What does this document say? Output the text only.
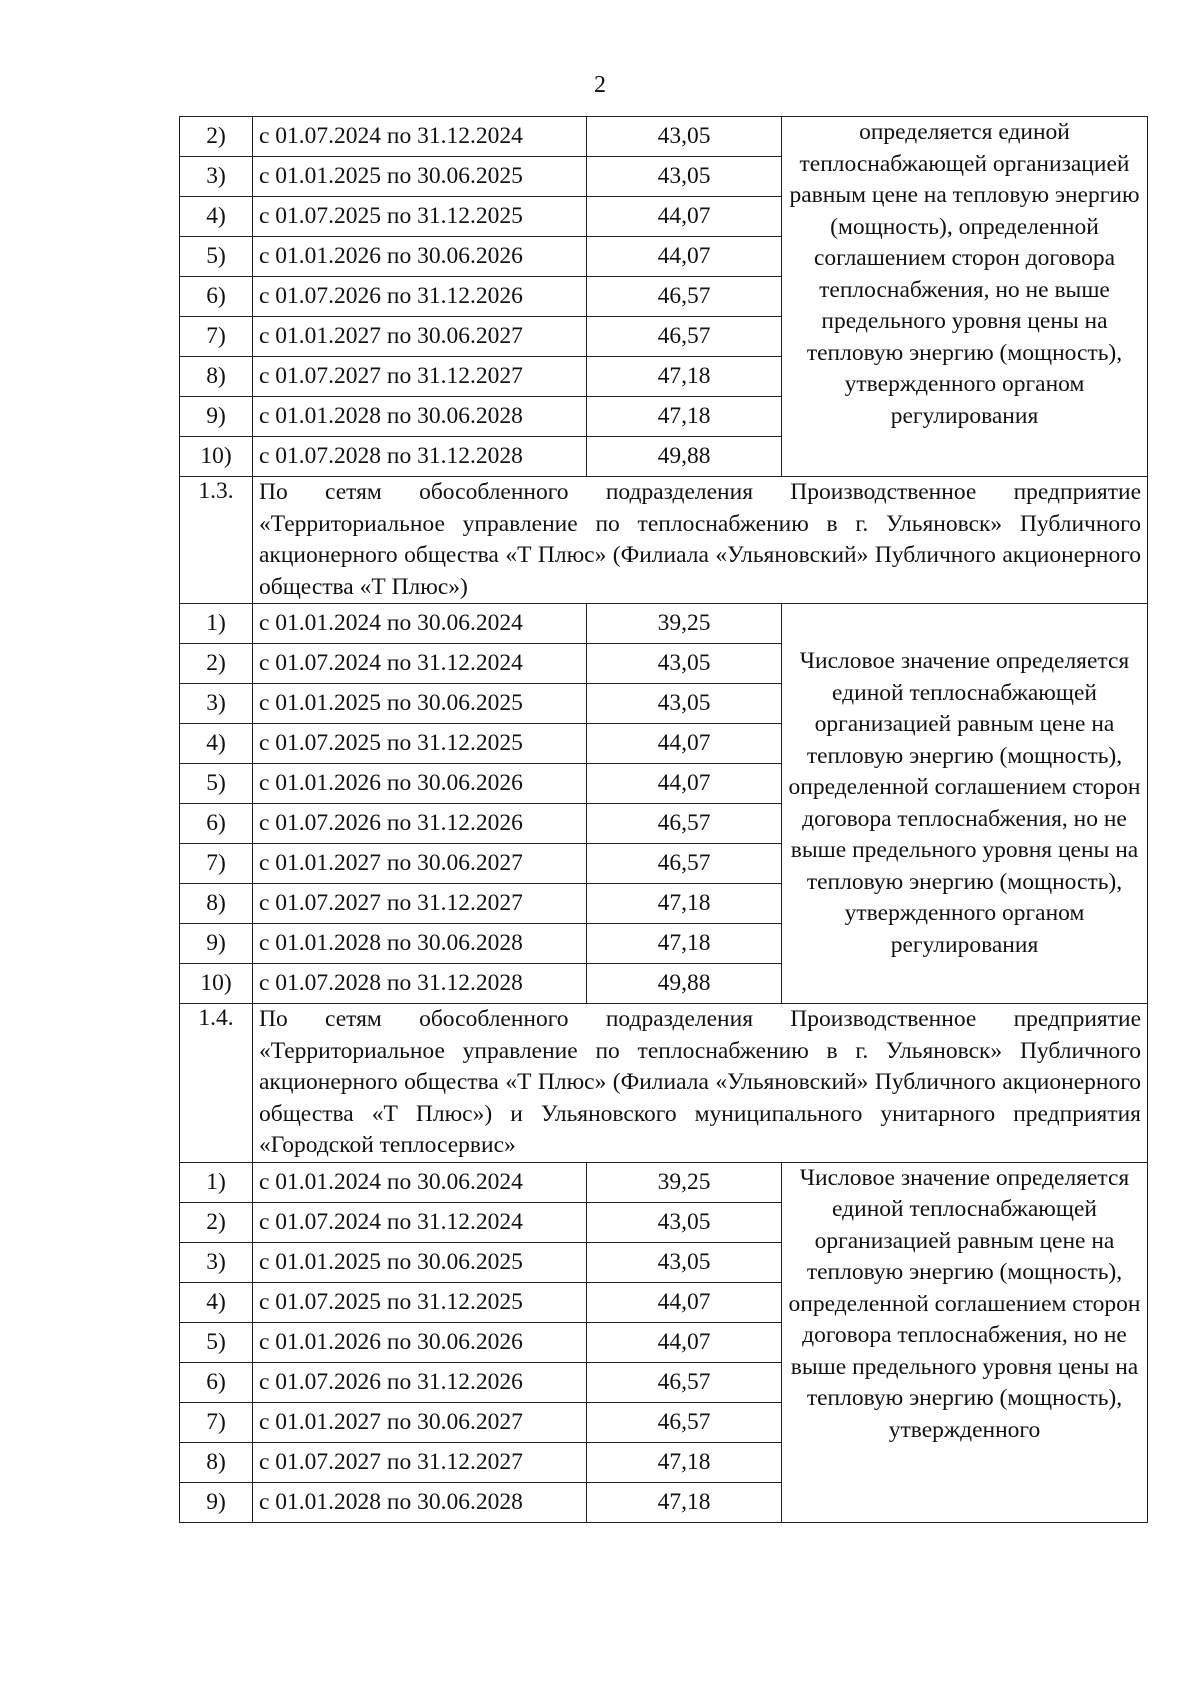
2
2)	с 01.07.2024 по 31.12.2024	43,05	определяется единой теплоснабжающей организацией равным цене на тепловую энергию (мощность), определенной соглашением сторон договора теплоснабжения, но не выше предельного уровня цены на тепловую энергию (мощность), утвержденного органом регулирования
3)	с 01.01.2025 по 30.06.2025	43,05	
4)	с 01.07.2025 по 31.12.2025	44,07	
5)	с 01.01.2026 по 30.06.2026	44,07	
6)	с 01.07.2026 по 31.12.2026	46,57	
7)	с 01.01.2027 по 30.06.2027	46,57	
8)	с 01.07.2027 по 31.12.2027	47,18	
9)	с 01.01.2028 по 30.06.2028	47,18	
10)	с 01.07.2028 по 31.12.2028	49,88	
1.3.	По сетям обособленного подразделения Производственное предприятие «Территориальное управление по теплоснабжению в г. Ульяновск» Публичного акционерного общества «Т Плюс» (Филиала «Ульяновский» Публичного акционерного общества «Т Плюс»)		
1)	с 01.01.2024 по 30.06.2024	39,25	Числовое значение определяется единой теплоснабжающей организацией равным цене на тепловую энергию (мощность), определенной соглашением сторон договора теплоснабжения, но не выше предельного уровня цены на тепловую энергию (мощность), утвержденного органом регулирования
2)	с 01.07.2024 по 31.12.2024	43,05	
3)	с 01.01.2025 по 30.06.2025	43,05	
4)	с 01.07.2025 по 31.12.2025	44,07	
5)	с 01.01.2026 по 30.06.2026	44,07	
6)	с 01.07.2026 по 31.12.2026	46,57	
7)	с 01.01.2027 по 30.06.2027	46,57	
8)	с 01.07.2027 по 31.12.2027	47,18	
9)	с 01.01.2028 по 30.06.2028	47,18	
10)	с 01.07.2028 по 31.12.2028	49,88	
1.4.	По сетям обособленного подразделения Производственное предприятие «Территориальное управление по теплоснабжению в г. Ульяновск» Публичного акционерного общества «Т Плюс» (Филиала «Ульяновский» Публичного акционерного общества «Т Плюс») и Ульяновского муниципального унитарного предприятия «Городской теплосервис»		
1)	с 01.01.2024 по 30.06.2024	39,25	Числовое значение определяется единой теплоснабжающей организацией равным цене на тепловую энергию (мощность), определенной соглашением сторон договора теплоснабжения, но не выше предельного уровня цены на тепловую энергию (мощность), утвержденного
2)	с 01.07.2024 по 31.12.2024	43,05	
3)	с 01.01.2025 по 30.06.2025	43,05	
4)	с 01.07.2025 по 31.12.2025	44,07	
5)	с 01.01.2026 по 30.06.2026	44,07	
6)	с 01.07.2026 по 31.12.2026	46,57	
7)	с 01.01.2027 по 30.06.2027	46,57	
8)	с 01.07.2027 по 31.12.2027	47,18	
9)	с 01.01.2028 по 30.06.2028	47,18	
